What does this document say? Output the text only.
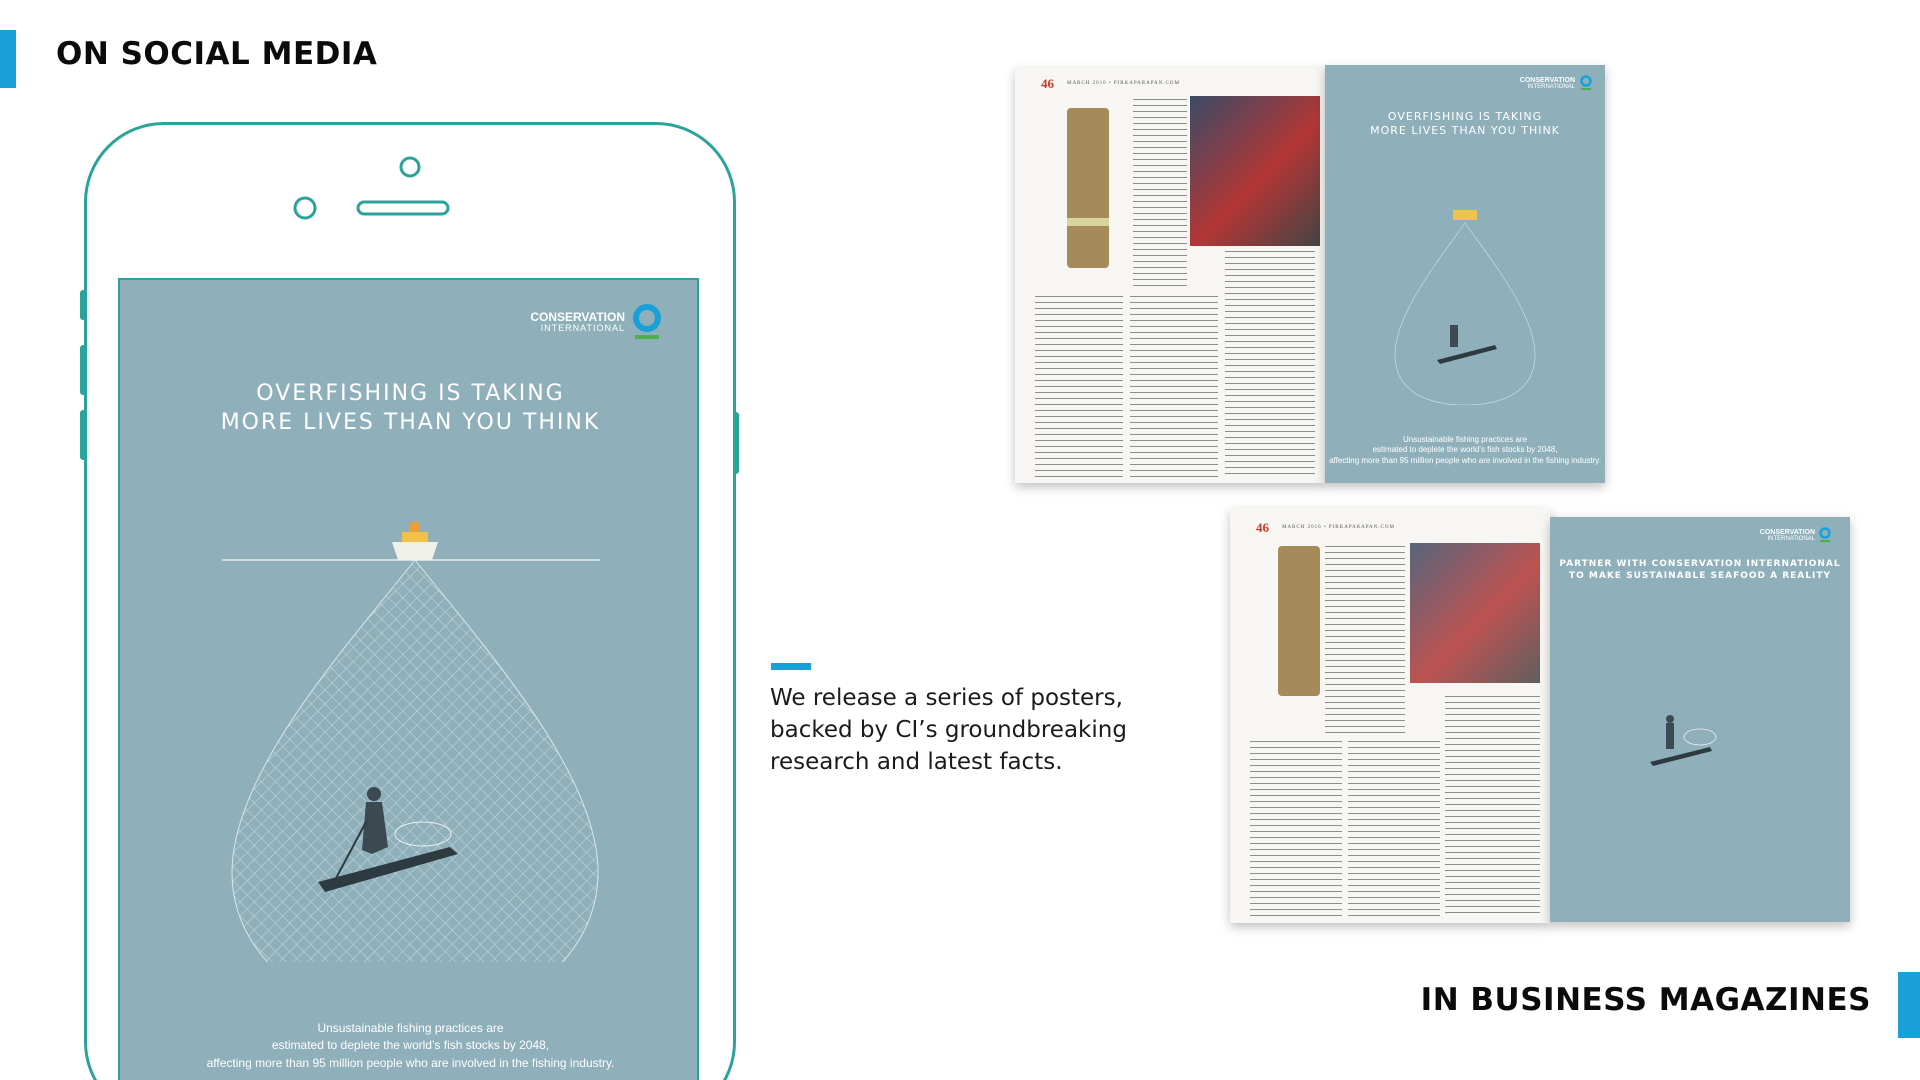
ON SOCIAL MEDIA
CONSERVATION
INTERNATIONAL
OVERFISHING IS TAKING
MORE LIVES THAN YOU THINK
Unsustainable fishing practices are
estimated to deplete the world’s fish stocks by 2048,
affecting more than 95 million people who are involved in the fishing industry.
We release a series of posters,
backed by CI’s groundbreaking
research and latest facts.
46	MARCH 2016 • PIRKAPARAPAN.COM	CONSERVATION
INTERNATIONAL
OVERFISHING IS TAKING
MORE LIVES THAN YOU THINK
Unsustainable fishing practices are
estimated to deplete the world’s fish stocks by 2048,
affecting more than 95 million people who are involved in the fishing industry.
46	MARCH 2016 • PIRKAPARAPAN.COM
CONSERVATION
INTERNATIONAL
PARTNER WITH CONSERVATION INTERNATIONAL
TO MAKE SUSTAINABLE SEAFOOD A REALITY
IN BUSINESS MAGAZINES
